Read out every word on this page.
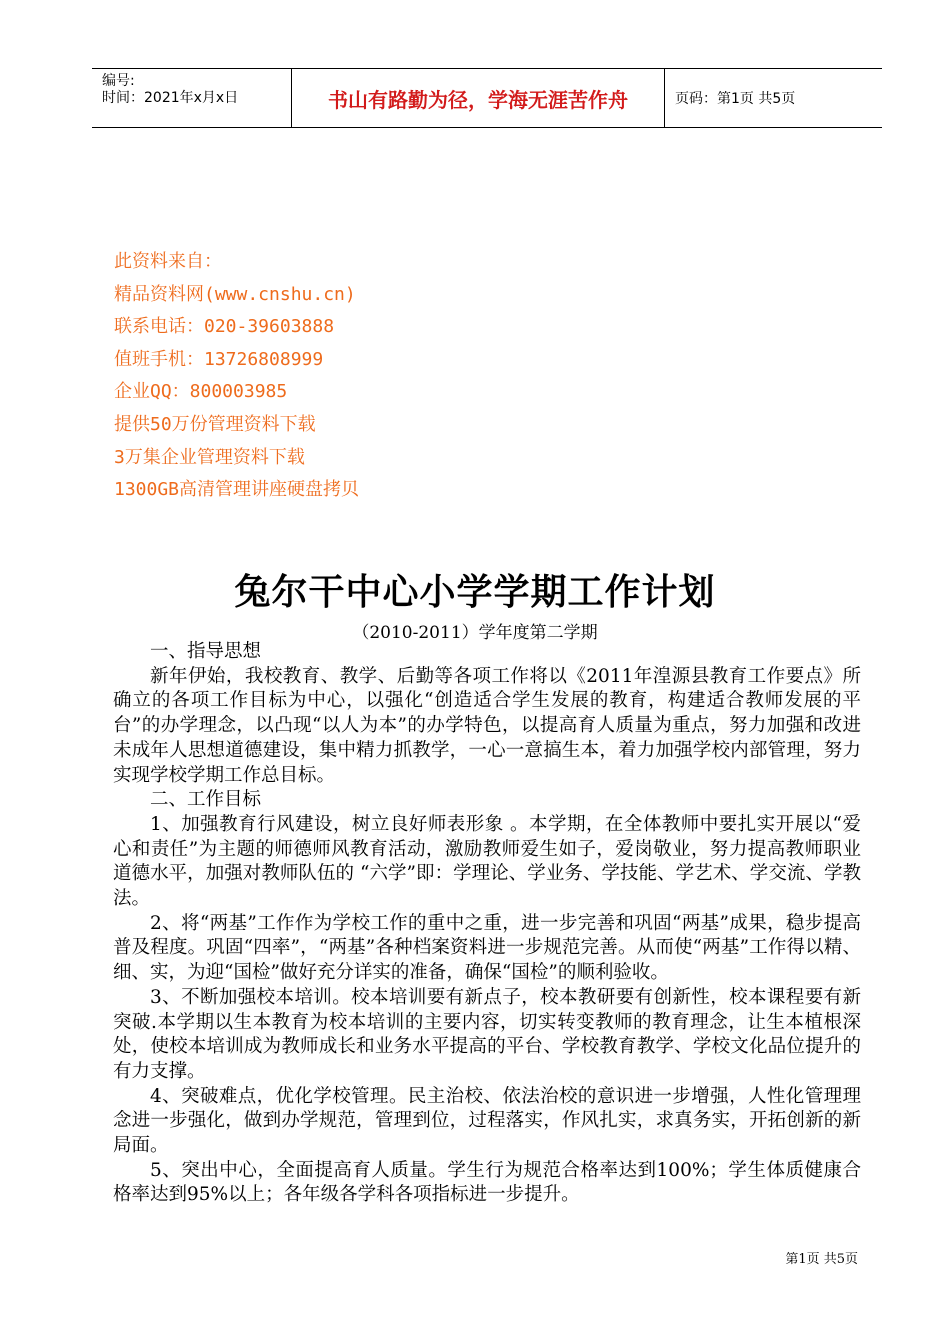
编号:
时间：2021年x月x日	书山有路勤为径，学海无涯苦作舟	页码：第1页 共5页
此资料来自：
精品资料网(www.cnshu.cn)
联系电话：020-39603888
值班手机：13726808999
企业QQ：800003985
提供50万份管理资料下载
3万集企业管理资料下载
1300GB高清管理讲座硬盘拷贝
兔尔干中心小学学期工作计划
（2010-2011）学年度第二学期

一、指导思想

新年伊始，我校教育、教学、后勤等各项工作将以《2011年湟源县教育工作要点》所确立的各项工作目标为中心，以强化“创造适合学生发展的教育，构建适合教师发展的平台”的办学理念，以凸现“以人为本”的办学特色，以提高育人质量为重点，努力加强和改进未成年人思想道德建设，集中精力抓教学，一心一意搞生本，着力加强学校内部管理，努力实现学校学期工作总目标。

二、工作目标

1、加强教育行风建设，树立良好师表形象 。本学期，在全体教师中要扎实开展以“爱心和责任”为主题的师德师风教育活动，激励教师爱生如子，爱岗敬业，努力提高教师职业道德水平，加强对教师队伍的 “六学”即：学理论、学业务、学技能、学艺术、学交流、学教法。

2、将“两基”工作作为学校工作的重中之重，进一步完善和巩固“两基”成果，稳步提高普及程度。巩固“四率”，“两基”各种档案资料进一步规范完善。从而使“两基”工作得以精、细、实，为迎“国检”做好充分详实的准备，确保“国检”的顺利验收。

3、不断加强校本培训。校本培训要有新点子，校本教研要有创新性，校本课程要有新突破.本学期以生本教育为校本培训的主要内容，切实转变教师的教育理念，让生本植根深处，使校本培训成为教师成长和业务水平提高的平台、学校教育教学、学校文化品位提升的有力支撑。

4、突破难点，优化学校管理。民主治校、依法治校的意识进一步增强，人性化管理理念进一步强化，做到办学规范，管理到位，过程落实，作风扎实，求真务实，开拓创新的新局面。

5、突出中心，全面提高育人质量。学生行为规范合格率达到100%；学生体质健康合格率达到95%以上；各年级各学科各项指标进一步提升。

第1页 共5页
